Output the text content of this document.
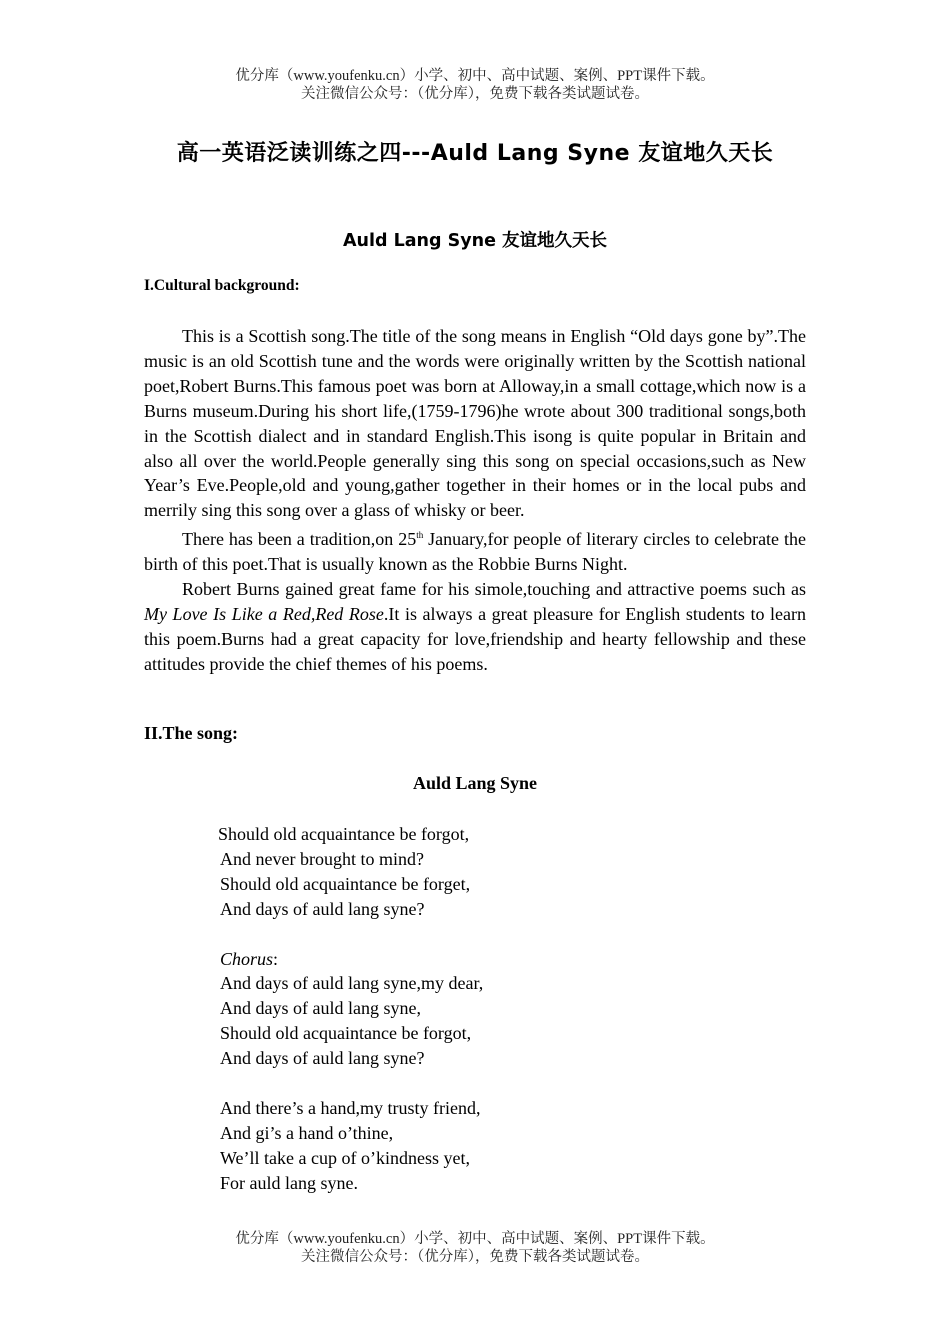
优分库（www.youfenku.cn）小学、初中、高中试题、案例、PPT课件下载。
关注微信公众号：（优分库），免费下载各类试题试卷。
高一英语泛读训练之四---Auld Lang Syne 友谊地久天长
Auld Lang Syne 友谊地久天长
I.Cultural background:

This is a Scottish song.The title of the song means in English “Old days gone by”.The music is an old Scottish tune and the words were originally written by the Scottish national poet,Robert Burns.This famous poet was born at Alloway,in a small cottage,which now is a Burns museum.During his short life,(1759-1796)he wrote about 300 traditional songs,both in the Scottish dialect and in standard English.This isong is quite popular in Britain and also all over the world.People generally sing this song on special occasions,such as New Year’s Eve.People,old and young,gather together in their homes or in the local pubs and merrily sing this song over a glass of whisky or beer.

There has been a tradition,on 25th January,for people of literary circles to celebrate the birth of this poet.That is usually known as the Robbie Burns Night.

Robert Burns gained great fame for his simole,touching and attractive poems such as My Love Is Like a Red,Red Rose.It is always a great pleasure for English students to learn this poem.Burns had a great capacity for love,friendship and hearty fellowship and these attitudes provide the chief themes of his poems.

II.The song:
Auld Lang Syne
Should old acquaintance be forgot,
And never brought to mind?
Should old acquaintance be forget,
And days of auld lang syne?
Chorus:
And days of auld lang syne,my dear,
And days of auld lang syne,
Should old acquaintance be forgot,
And days of auld lang syne?
And there’s a hand,my trusty friend,
And gi’s a hand o’thine,
We’ll take a cup of o’kindness yet,
For auld lang syne.
优分库（www.youfenku.cn）小学、初中、高中试题、案例、PPT课件下载。
关注微信公众号：（优分库），免费下载各类试题试卷。
